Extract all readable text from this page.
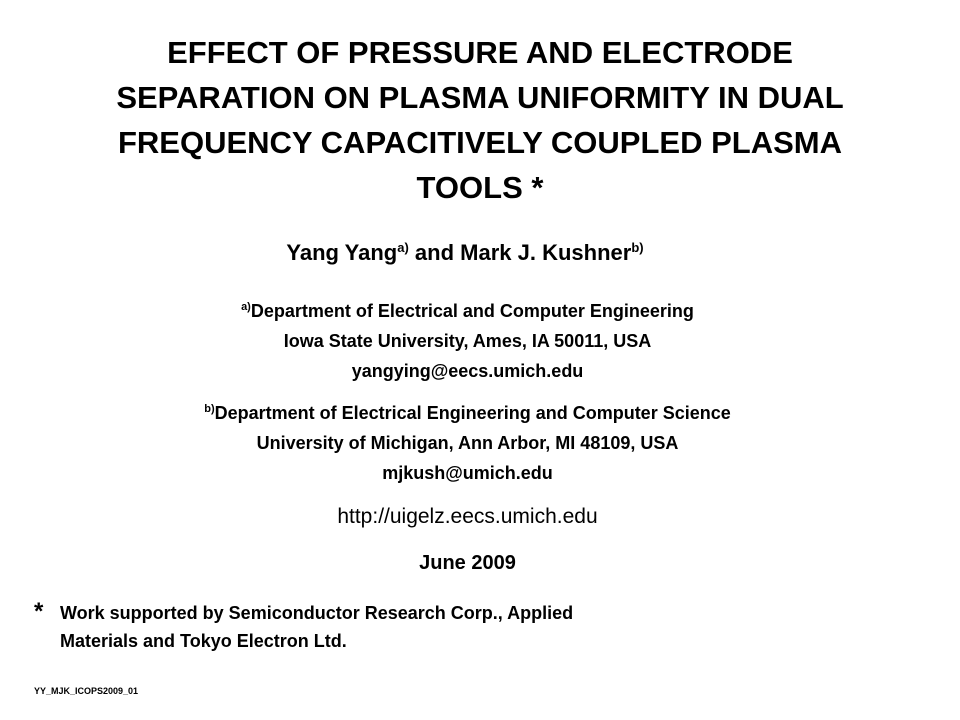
EFFECT OF PRESSURE AND ELECTRODE
SEPARATION ON PLASMA UNIFORMITY IN DUAL
FREQUENCY CAPACITIVELY COUPLED PLASMA
TOOLS *
Yang Yang$^{a)}$ and Mark J. Kushner$^{b)}$
$^{a)}$Department of Electrical and Computer Engineering
Iowa State University, Ames, IA 50011, USA
yangying@eecs.umich.edu
$^{b)}$Department of Electrical Engineering and Computer Science
University of Michigan, Ann Arbor, MI 48109, USA
mjkush@umich.edu
http://uigelz.eecs.umich.edu
June 2009
* Work supported by Semiconductor Research Corp., Applied
Materials and Tokyo Electron Ltd.
YY_MJK_ICOPS2009_01
